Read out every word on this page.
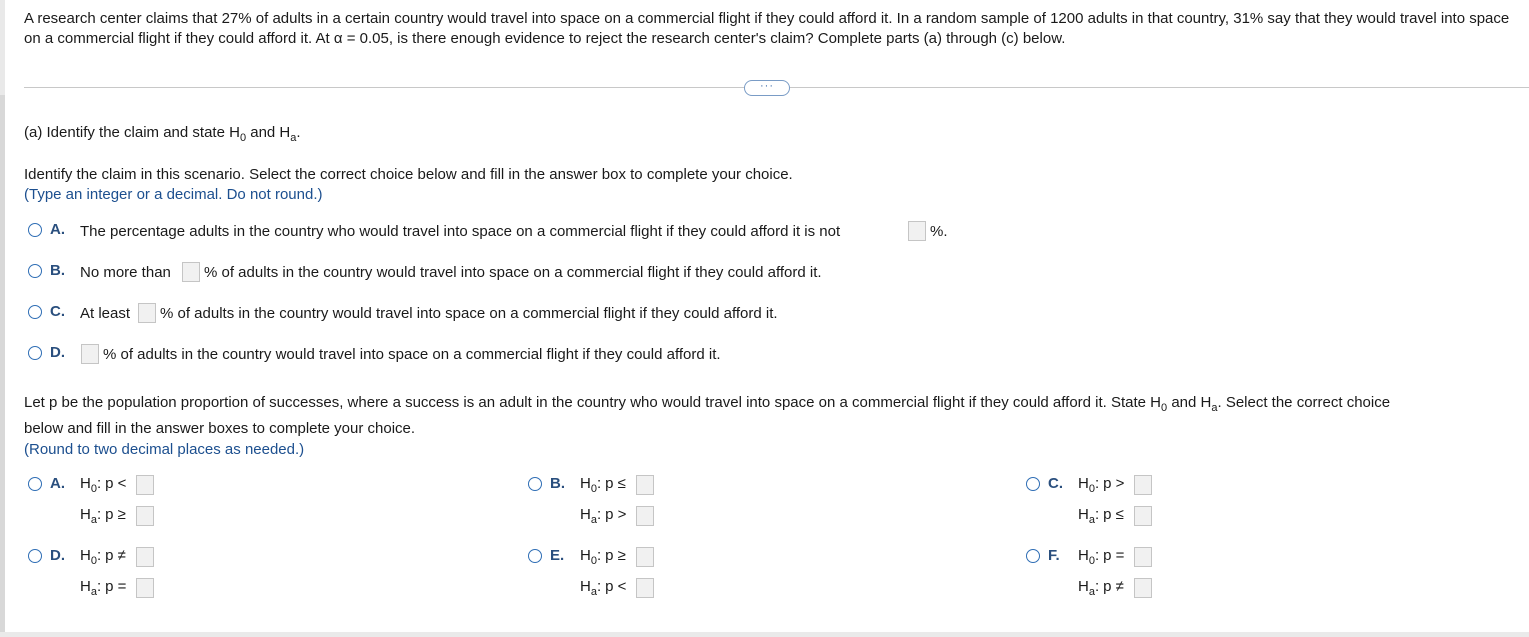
A research center claims that 27% of adults in a certain country would travel into space on a commercial flight if they could afford it. In a random sample of 1200 adults in that country, 31% say that they would travel into space on a commercial flight if they could afford it. At α = 0.05, is there enough evidence to reject the research center's claim? Complete parts (a) through (c) below.
···
(a) Identify the claim and state $H_0$ and $H_a$.
Identify the claim in this scenario. Select the correct choice below and fill in the answer box to complete your choice.
(Type an integer or a decimal. Do not round.)
A. The percentage adults in the country who would travel into space on a commercial flight if they could afford it is not	%.
B. No more than % of adults in the country would travel into space on a commercial flight if they could afford it.
C. At least % of adults in the country would travel into space on a commercial flight if they could afford it.
D.	% of adults in the country would travel into space on a commercial flight if they could afford it.
Let p be the population proportion of successes, where a success is an adult in the country who would travel into space on a commercial flight if they could afford it. State $H_0$ and $H_a$. Select the correct choice
below and fill in the answer boxes to complete your choice.
(Round to two decimal places as needed.)
A. $H_0$: p <
$H_a$: p ≥
B. $H_0$: p ≤
$H_a$: p >
C. $H_0$: p >
$H_a$: p ≤
D. $H_0$: p ≠
$H_a$: p =
E. $H_0$: p ≥
$H_a$: p <
F. $H_0$: p =
$H_a$: p ≠
